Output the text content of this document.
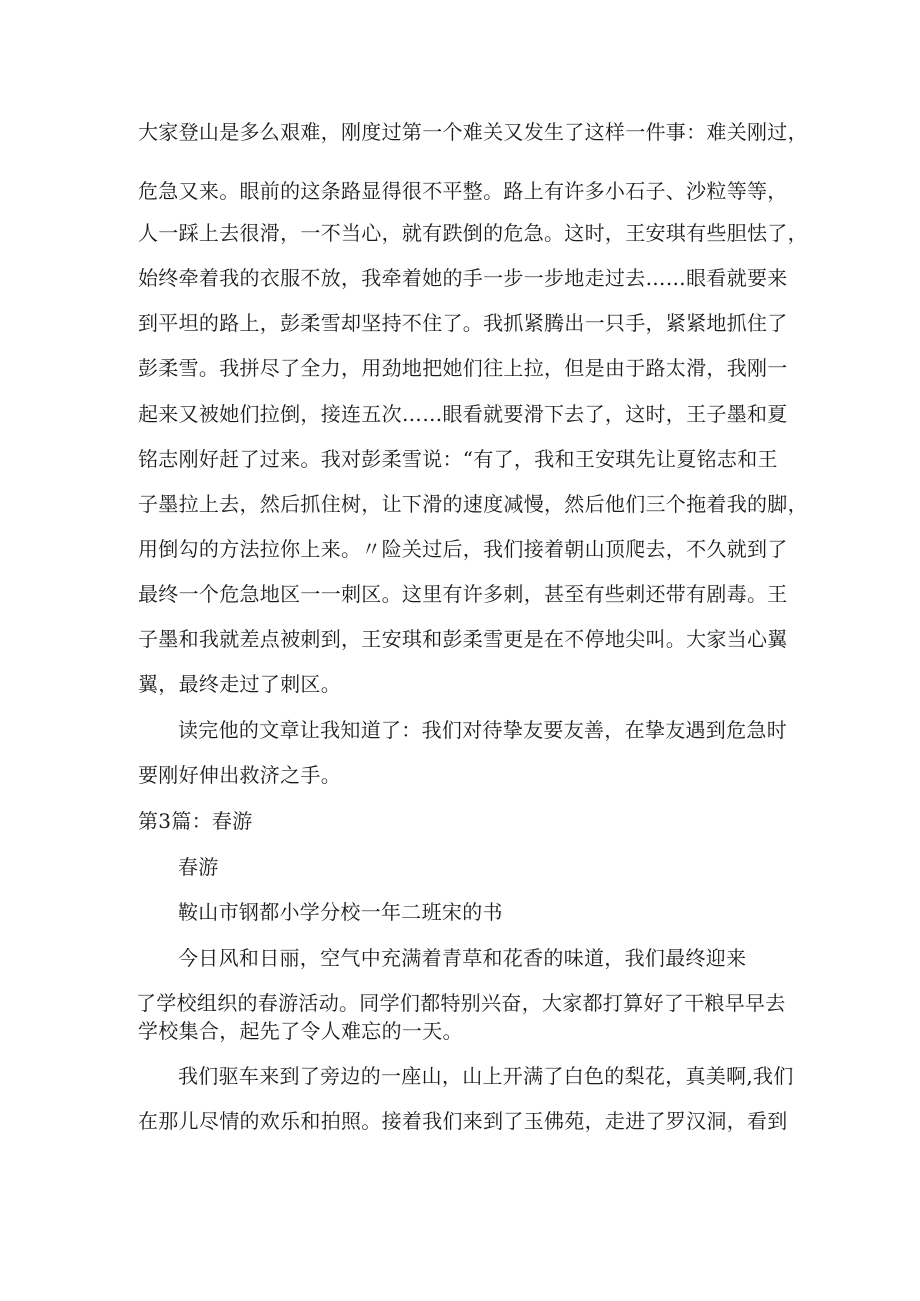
大家登山是多么艰难，刚度过第一个难关又发生了这样一件事：难关刚过，
危急又来。眼前的这条路显得很不平整。路上有许多小石子、沙粒等等，
人一踩上去很滑，一不当心，就有跌倒的危急。这时，王安琪有些胆怯了，
始终牵着我的衣服不放，我牵着她的手一步一步地走过去……眼看就要来
到平坦的路上，彭柔雪却坚持不住了。我抓紧腾出一只手，紧紧地抓住了
彭柔雪。我拼尽了全力，用劲地把她们往上拉，但是由于路太滑，我刚一
起来又被她们拉倒，接连五次……眼看就要滑下去了，这时，王子墨和夏
铭志刚好赶了过来。我对彭柔雪说：“有了，我和王安琪先让夏铭志和王
子墨拉上去，然后抓住树，让下滑的速度减慢，然后他们三个拖着我的脚，
用倒勾的方法拉你上来。〃险关过后，我们接着朝山顶爬去，不久就到了
最终一个危急地区一一刺区。这里有许多刺，甚至有些刺还带有剧毒。王
子墨和我就差点被刺到，王安琪和彭柔雪更是在不停地尖叫。大家当心翼
翼，最终走过了刺区。
读完他的文章让我知道了：我们对待挚友要友善，在挚友遇到危急时
要刚好伸出救济之手。
第3篇：春游
春游
鞍山市钢都小学分校一年二班宋的书
今日风和日丽，空气中充满着青草和花香的味道，我们最终迎来
了学校组织的春游活动。同学们都特别兴奋，大家都打算好了干粮早早去
学校集合，起先了令人难忘的一天。
我们驱车来到了旁边的一座山，山上开满了白色的梨花，真美啊,我们
在那儿尽情的欢乐和拍照。接着我们来到了玉佛苑，走进了罗汉洞，看到
